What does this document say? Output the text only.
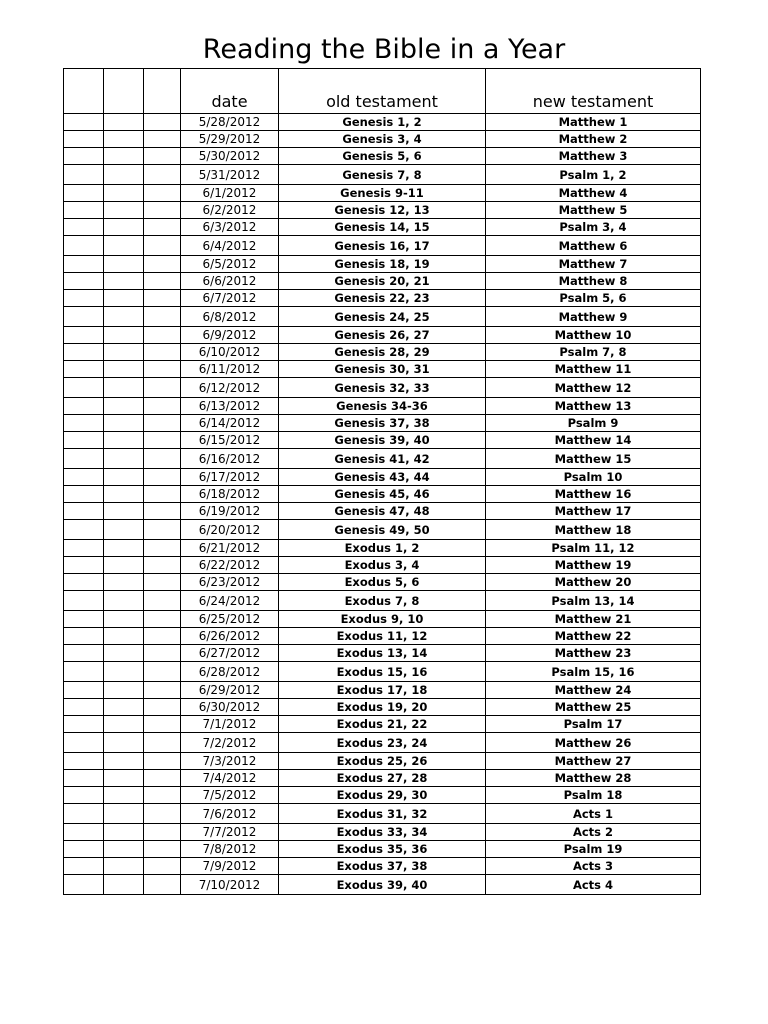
Reading the Bible in a Year
			date	old testament	new testament
			5/28/2012	Genesis 1, 2	Matthew 1
			5/29/2012	Genesis 3, 4	Matthew 2
			5/30/2012	Genesis 5, 6	Matthew 3
			5/31/2012	Genesis 7, 8	Psalm 1, 2
			6/1/2012	Genesis 9-11	Matthew 4
			6/2/2012	Genesis 12, 13	Matthew 5
			6/3/2012	Genesis 14, 15	Psalm 3, 4
			6/4/2012	Genesis 16, 17	Matthew 6
			6/5/2012	Genesis 18, 19	Matthew 7
			6/6/2012	Genesis 20, 21	Matthew 8
			6/7/2012	Genesis 22, 23	Psalm 5, 6
			6/8/2012	Genesis 24, 25	Matthew 9
			6/9/2012	Genesis 26, 27	Matthew 10
			6/10/2012	Genesis 28, 29	Psalm 7, 8
			6/11/2012	Genesis 30, 31	Matthew 11
			6/12/2012	Genesis 32, 33	Matthew 12
			6/13/2012	Genesis 34-36	Matthew 13
			6/14/2012	Genesis 37, 38	Psalm 9
			6/15/2012	Genesis 39, 40	Matthew 14
			6/16/2012	Genesis 41, 42	Matthew 15
			6/17/2012	Genesis 43, 44	Psalm 10
			6/18/2012	Genesis 45, 46	Matthew 16
			6/19/2012	Genesis 47, 48	Matthew 17
			6/20/2012	Genesis 49, 50	Matthew 18
			6/21/2012	Exodus 1, 2	Psalm 11, 12
			6/22/2012	Exodus 3, 4	Matthew 19
			6/23/2012	Exodus 5, 6	Matthew 20
			6/24/2012	Exodus 7, 8	Psalm 13, 14
			6/25/2012	Exodus 9, 10	Matthew 21
			6/26/2012	Exodus 11, 12	Matthew 22
			6/27/2012	Exodus 13, 14	Matthew 23
			6/28/2012	Exodus 15, 16	Psalm 15, 16
			6/29/2012	Exodus 17, 18	Matthew 24
			6/30/2012	Exodus 19, 20	Matthew 25
			7/1/2012	Exodus 21, 22	Psalm 17
			7/2/2012	Exodus 23, 24	Matthew 26
			7/3/2012	Exodus 25, 26	Matthew 27
			7/4/2012	Exodus 27, 28	Matthew 28
			7/5/2012	Exodus 29, 30	Psalm 18
			7/6/2012	Exodus 31, 32	Acts 1
			7/7/2012	Exodus 33, 34	Acts 2
			7/8/2012	Exodus 35, 36	Psalm 19
			7/9/2012	Exodus 37, 38	Acts 3
			7/10/2012	Exodus 39, 40	Acts 4
